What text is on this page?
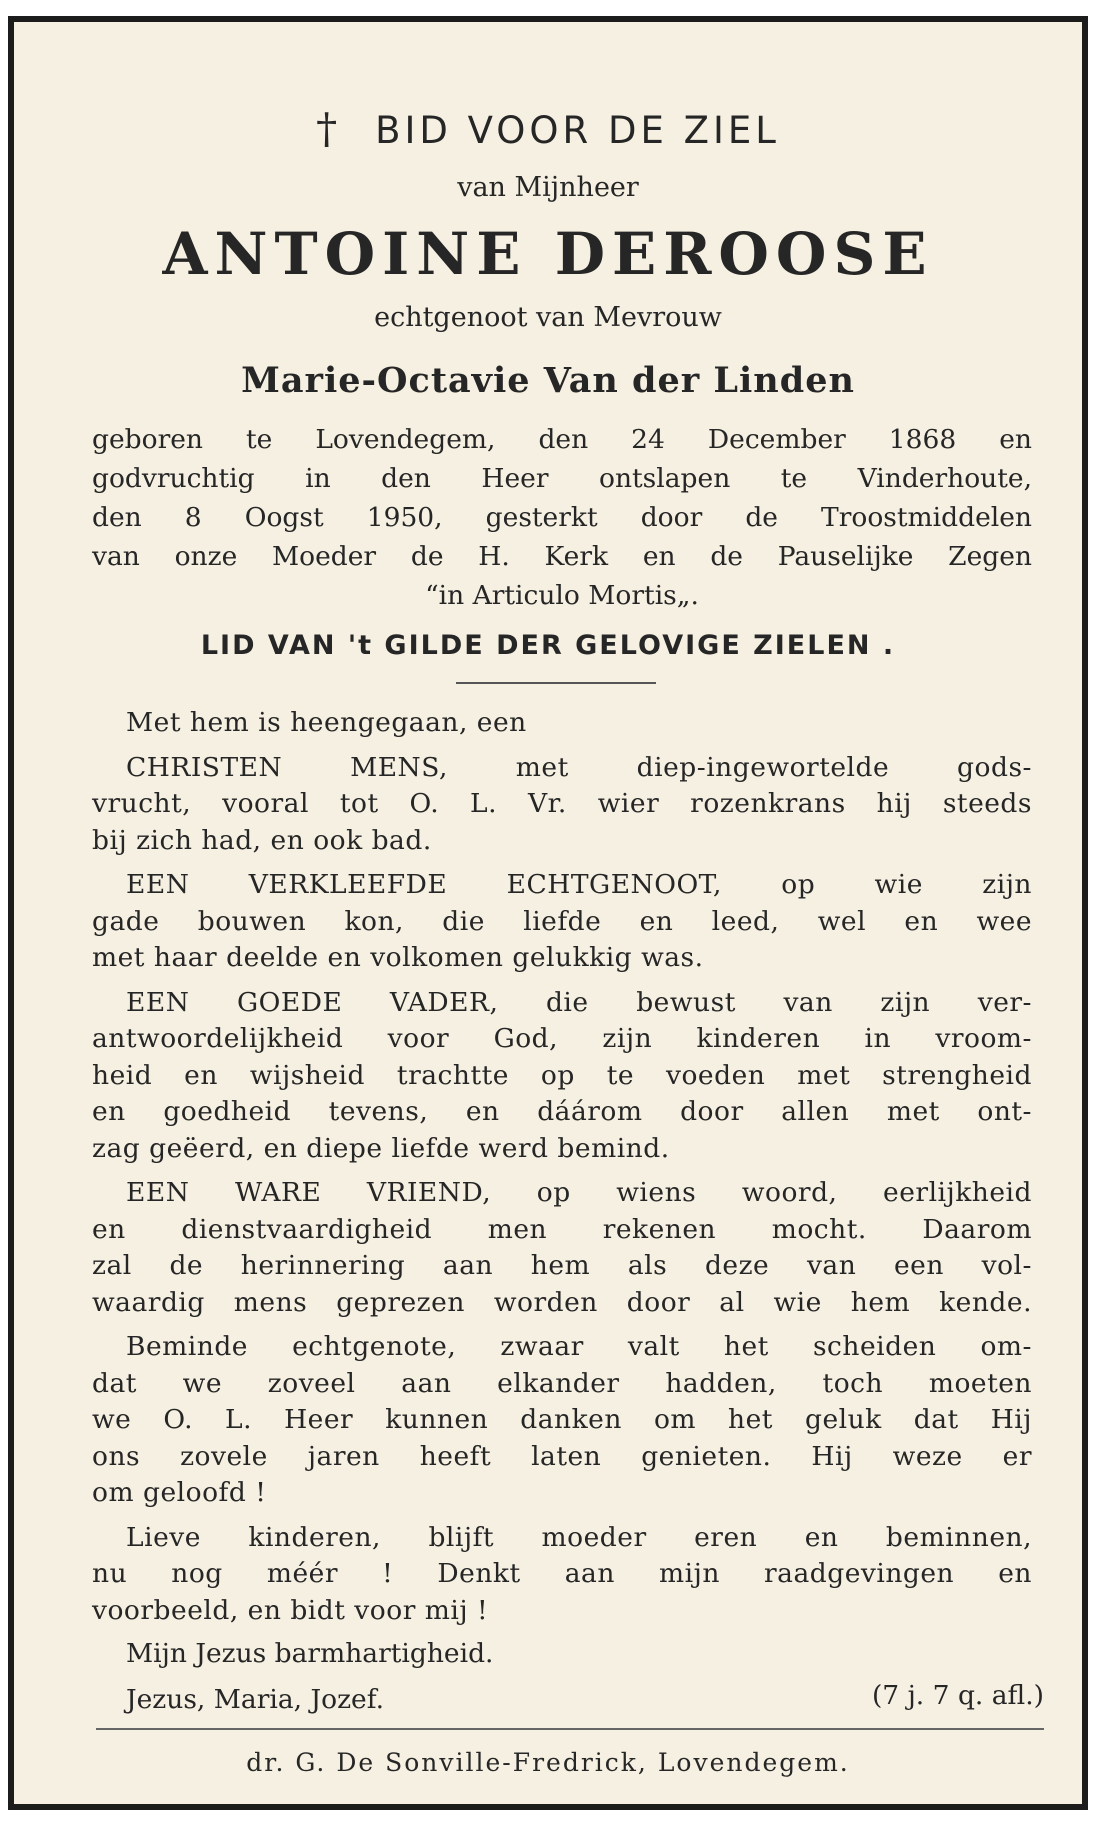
† BID VOOR DE ZIEL
van Mijnheer
ANTOINE DEROOSE
echtgenoot van Mevrouw
Marie-Octavie Van der Linden
geboren te Lovendegem, den 24 December 1868 en
godvruchtig in den Heer ontslapen te Vinderhoute,
den 8 Oogst 1950, gesterkt door de Troostmiddelen
van onze Moeder de H. Kerk en de Pauselijke Zegen
“in Articulo Mortis„.
LID VAN 't GILDE DER GELOVIGE ZIELEN .
Met hem is heengegaan, een
CHRISTEN MENS, met diep-ingewortelde gods-
vrucht, vooral tot O. L. Vr. wier rozenkrans hij steeds
bij zich had, en ook bad.
EEN VERKLEEFDE ECHTGENOOT, op wie zijn
gade bouwen kon, die liefde en leed, wel en wee
met haar deelde en volkomen gelukkig was.
EEN GOEDE VADER, die bewust van zijn ver-
antwoordelijkheid voor God, zijn kinderen in vroom-
heid en wijsheid trachtte op te voeden met strengheid
en goedheid tevens, en dáárom door allen met ont-
zag geëerd, en diepe liefde werd bemind.
EEN WARE VRIEND, op wiens woord, eerlijkheid
en dienstvaardigheid men rekenen mocht. Daarom
zal de herinnering aan hem als deze van een vol-
waardig mens geprezen worden door al wie hem kende.
Beminde echtgenote, zwaar valt het scheiden om-
dat we zoveel aan elkander hadden, toch moeten
we O. L. Heer kunnen danken om het geluk dat Hij
ons zovele jaren heeft laten genieten. Hij weze er
om geloofd !
Lieve kinderen, blijft moeder eren en beminnen,
nu nog méér ! Denkt aan mijn raadgevingen en
voorbeeld, en bidt voor mij !
Mijn Jezus barmhartigheid.
Jezus, Maria, Jozef.	(7 j. 7 q. afl.)
dr. G. De Sonville-Fredrick, Lovendegem.
